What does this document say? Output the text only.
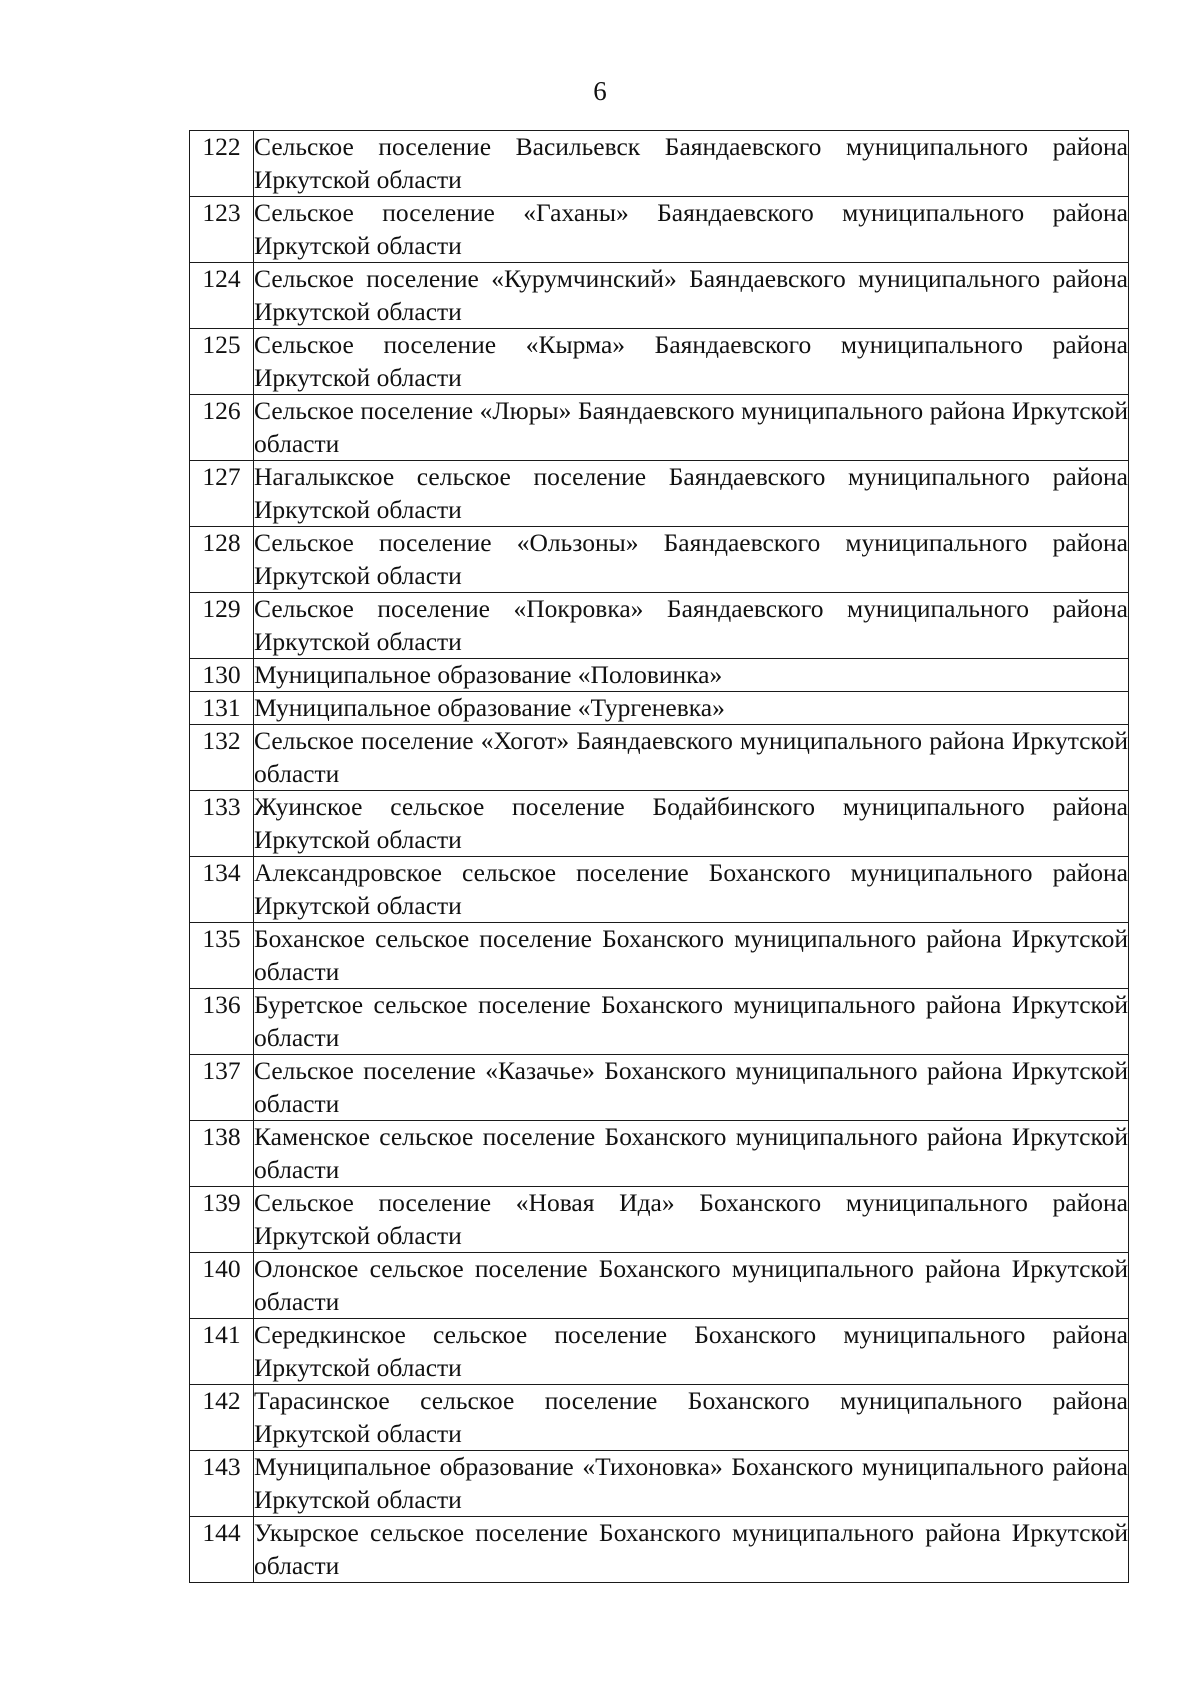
6
122	Сельское поселение Васильевск Баяндаевского муниципального района Иркутской области
123	Сельское поселение «Гаханы» Баяндаевского муниципального района Иркутской области
124	Сельское поселение «Курумчинский» Баяндаевского муниципального района Иркутской области
125	Сельское поселение «Кырма» Баяндаевского муниципального района Иркутской области
126	Сельское поселение «Люры» Баяндаевского муниципального района Иркутской области
127	Нагалыкское сельское поселение Баяндаевского муниципального района Иркутской области
128	Сельское поселение «Ользоны» Баяндаевского муниципального района Иркутской области
129	Сельское поселение «Покровка» Баяндаевского муниципального района Иркутской области
130	Муниципальное образование «Половинка»
131	Муниципальное образование «Тургеневка»
132	Сельское поселение «Хогот» Баяндаевского муниципального района Иркутской области
133	Жуинское сельское поселение Бодайбинского муниципального района Иркутской области
134	Александровское сельское поселение Боханского муниципального района Иркутской области
135	Боханское сельское поселение Боханского муниципального района Иркутской области
136	Буретское сельское поселение Боханского муниципального района Иркутской области
137	Сельское поселение «Казачье» Боханского муниципального района Иркутской области
138	Каменское сельское поселение Боханского муниципального района Иркутской области
139	Сельское поселение «Новая Ида» Боханского муниципального района Иркутской области
140	Олонское сельское поселение Боханского муниципального района Иркутской области
141	Середкинское сельское поселение Боханского муниципального района Иркутской области
142	Тарасинское сельское поселение Боханского муниципального района Иркутской области
143	Муниципальное образование «Тихоновка» Боханского муниципального района Иркутской области
144	Укырское сельское поселение Боханского муниципального района Иркутской области
